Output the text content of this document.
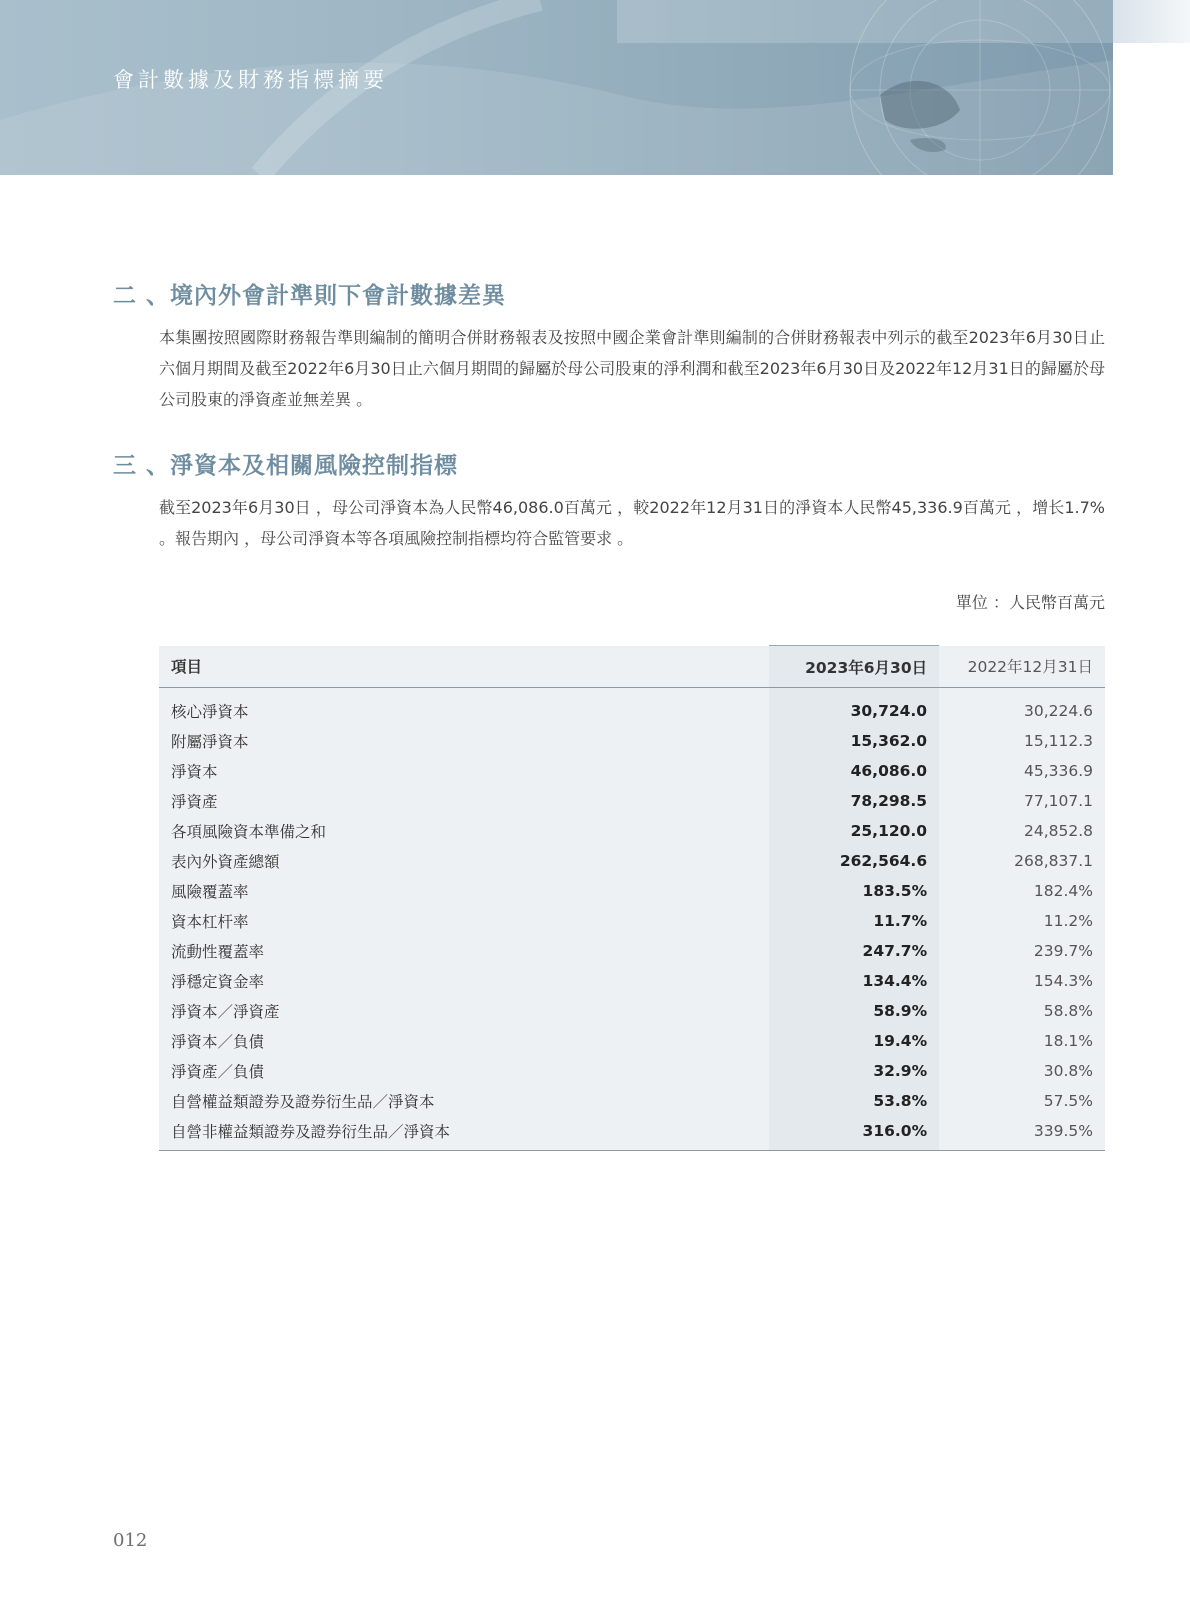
會計數據及財務指標摘要
二 、境內外會計準則下會計數據差異

本集團按照國際財務報告準則編制的簡明合併財務報表及按照中國企業會計準則編制的合併財務報表中列示的截至2023年6月30日止六個月期間及截至2022年6月30日止六個月期間的歸屬於母公司股東的淨利潤和截至2023年6月30日及2022年12月31日的歸屬於母公司股東的淨資產並無差異 。

三 、淨資本及相關風險控制指標

截至2023年6月30日 ，母公司淨資本為人民幣46,086.0百萬元 ，較2022年12月31日的淨資本人民幣45,336.9百萬元 ，增长1.7% 。報告期內 ，母公司淨資本等各項風險控制指標均符合監管要求 。

單位 ：人民幣百萬元
項目	2023年6月30日	2022年12月31日
核心淨資本	30,724.0	30,224.6
附屬淨資本	15,362.0	15,112.3
淨資本	46,086.0	45,336.9
淨資產	78,298.5	77,107.1
各項風險資本準備之和	25,120.0	24,852.8
表內外資產總額	262,564.6	268,837.1
風險覆蓋率	183.5%	182.4%
資本杠杆率	11.7%	11.2%
流動性覆蓋率	247.7%	239.7%
淨穩定資金率	134.4%	154.3%
淨資本／淨資產	58.9%	58.8%
淨資本／負債	19.4%	18.1%
淨資產／負債	32.9%	30.8%
自營權益類證券及證券衍生品／淨資本	53.8%	57.5%
自營非權益類證券及證券衍生品／淨資本	316.0%	339.5%
012
